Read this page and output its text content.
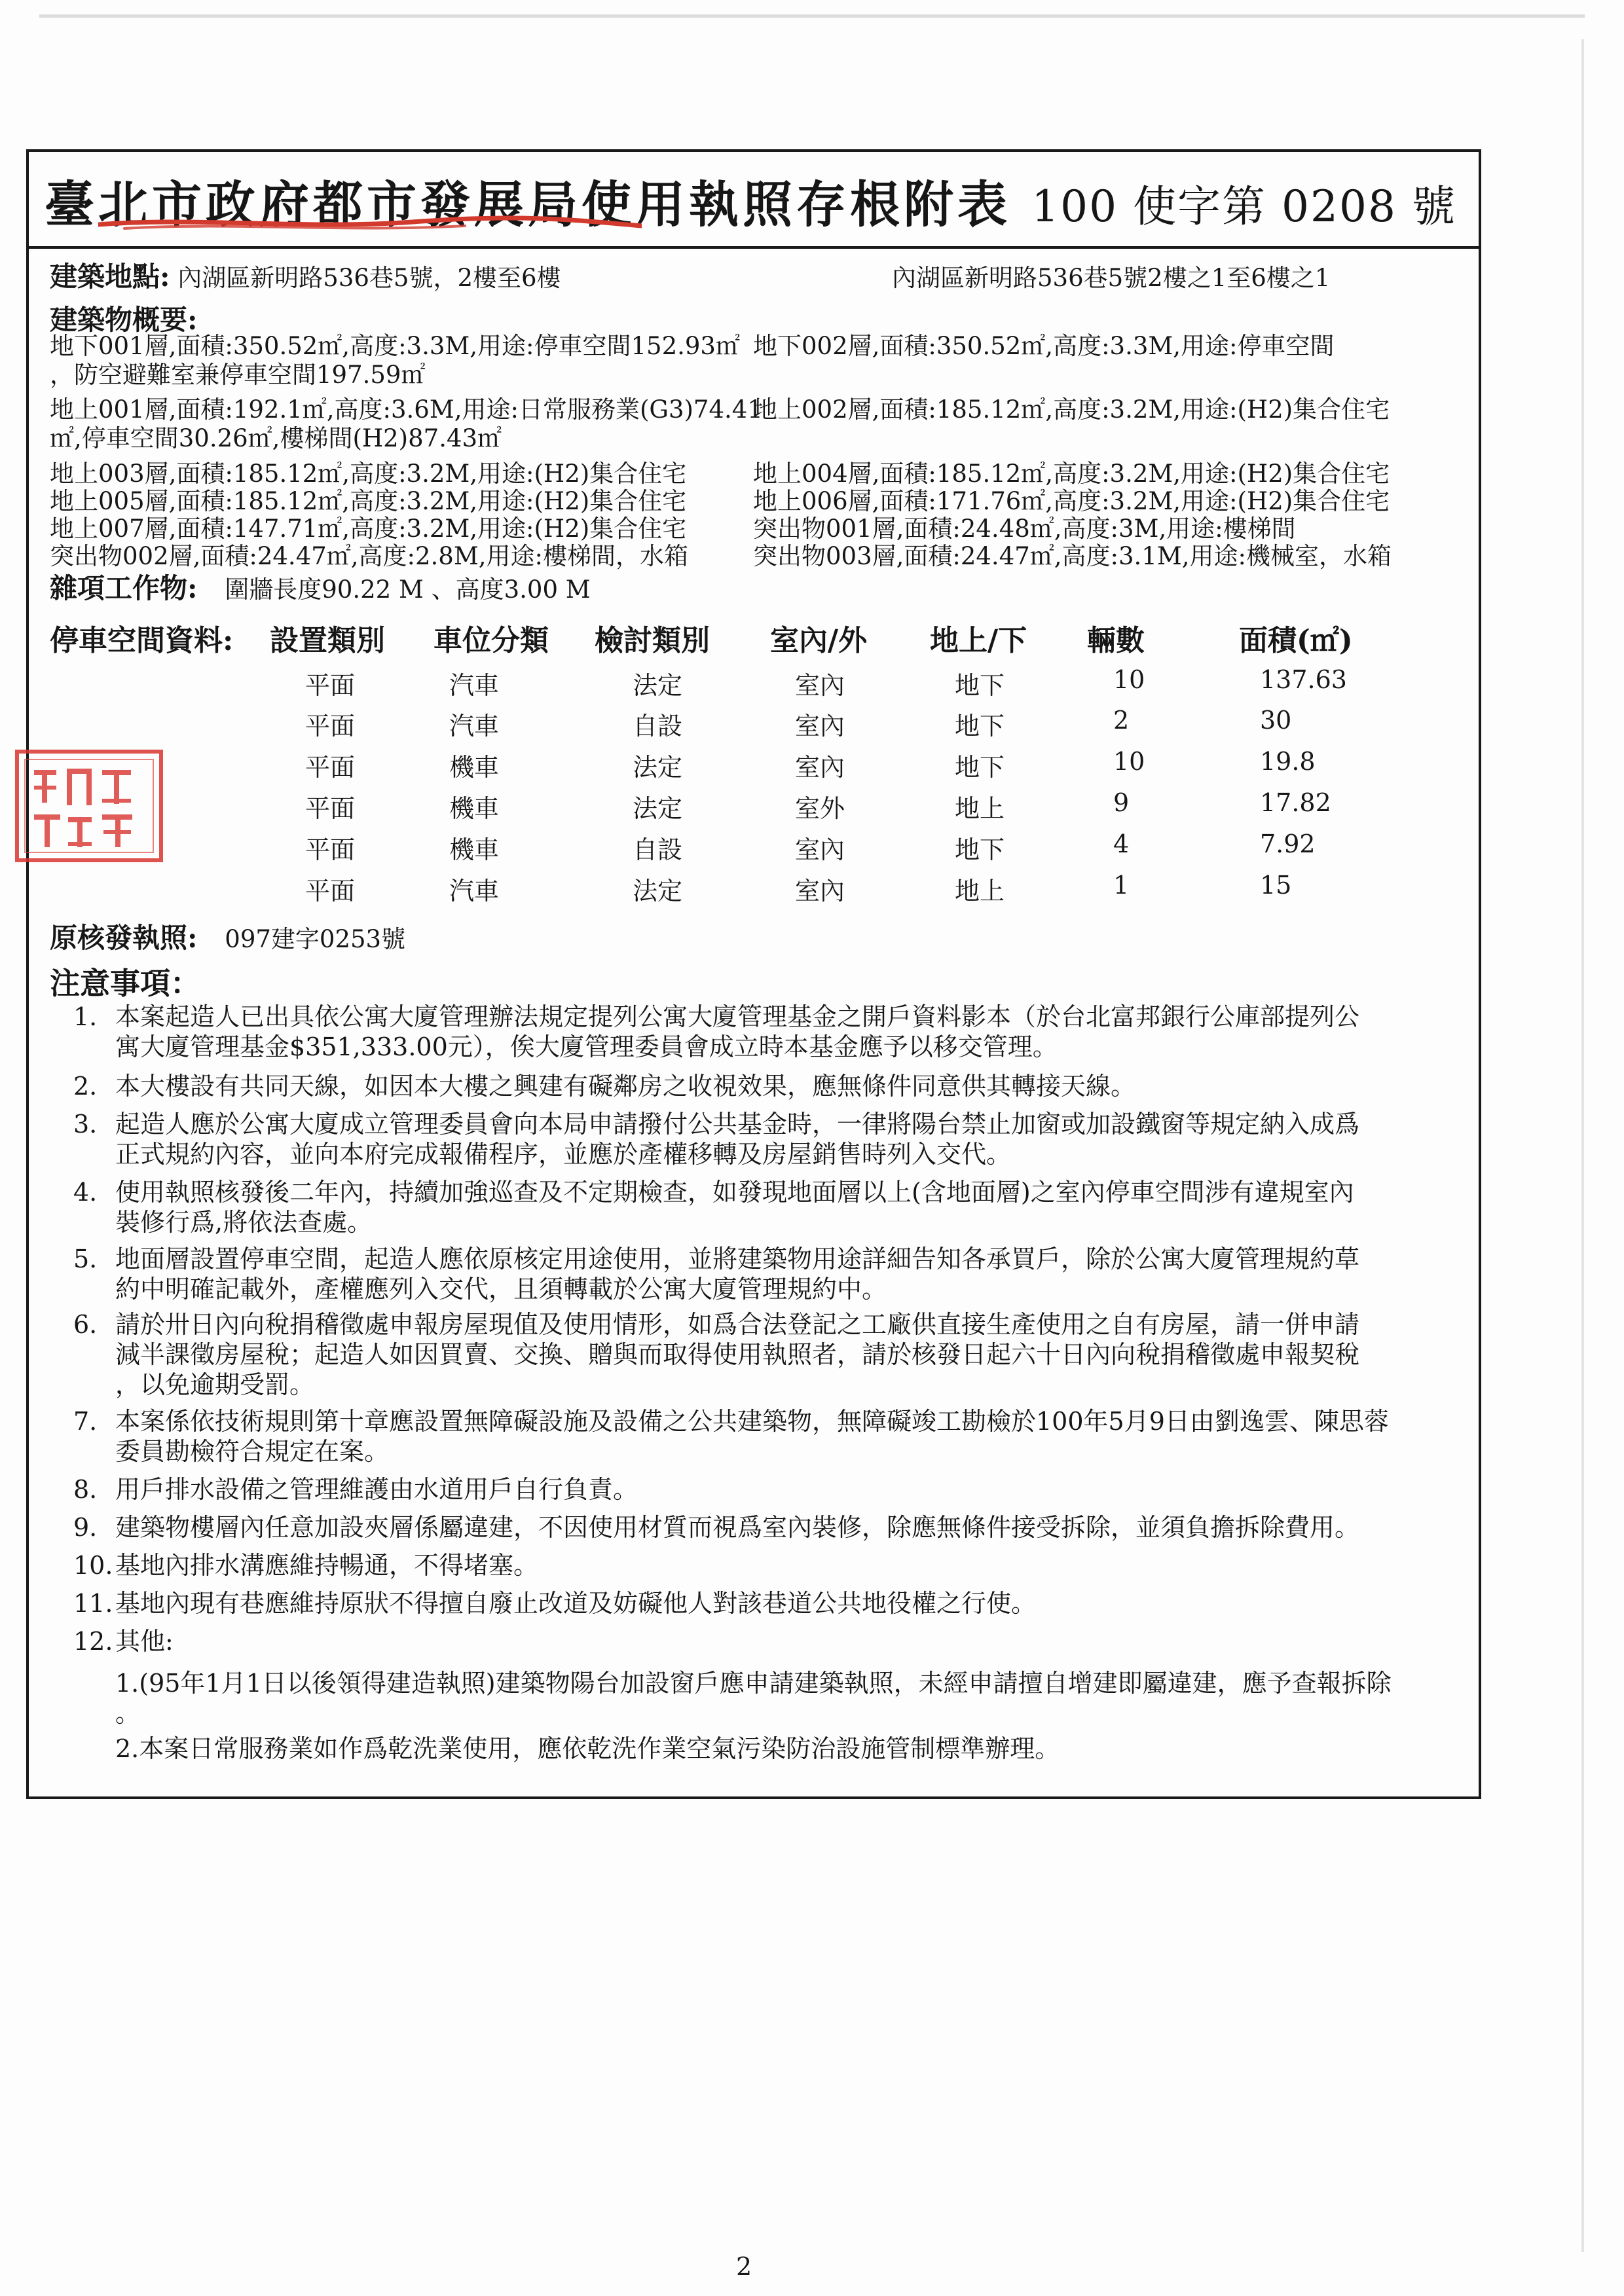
臺北市政府都市發展局使用執照存根附表 100 使字第 0208 號
建築地點: 內湖區新明路536巷5號，2樓至6樓	內湖區新明路536巷5號2樓之1至6樓之1
建築物概要:
地下001層,面積:350.52㎡,高度:3.3M,用途:停車空間152.93㎡ 地下002層,面積:350.52㎡,高度:3.3M,用途:停車空間
，防空避難室兼停車空間197.59㎡
地上001層,面積:192.1㎡,高度:3.6M,用途:日常服務業(G3)74.41
地上002層,面積:185.12㎡,高度:3.2M,用途:(H2)集合住宅
㎡,停車空間30.26㎡,樓梯間(H2)87.43㎡
地上003層,面積:185.12㎡,高度:3.2M,用途:(H2)集合住宅	地上004層,面積:185.12㎡,高度:3.2M,用途:(H2)集合住宅
地上005層,面積:185.12㎡,高度:3.2M,用途:(H2)集合住宅	地上006層,面積:171.76㎡,高度:3.2M,用途:(H2)集合住宅
地上007層,面積:147.71㎡,高度:3.2M,用途:(H2)集合住宅	突出物001層,面積:24.48㎡,高度:3M,用途:樓梯間
突出物002層,面積:24.47㎡,高度:2.8M,用途:樓梯間，水箱	突出物003層,面積:24.47㎡,高度:3.1M,用途:機械室，水箱
雜項工作物: 圍牆長度90.22 M 、高度3.00 M
停車空間資料: 設置類別 車位分類 檢討類別 室內/外 地上/下 輛數	面積(㎡)
平面	汽車	法定	室內	地下	10	137.63
平面	汽車	自設	室內	地下	2	30
平面	機車	法定	室內	地下	10	19.8
平面	機車	法定	室外	地上	9	17.82
平面	機車	自設	室內	地下	4	7.92
平面	汽車	法定	室內	地上	1	15
原核發執照: 097建字0253號
注意事項：
1. 本案起造人已出具依公寓大廈管理辦法規定提列公寓大廈管理基金之開戶資料影本（於台北富邦銀行公庫部提列公
寓大廈管理基金$351,333.00元），俟大廈管理委員會成立時本基金應予以移交管理。
2. 本大樓設有共同天線，如因本大樓之興建有礙鄰房之收視效果，應無條件同意供其轉接天線。
3. 起造人應於公寓大廈成立管理委員會向本局申請撥付公共基金時，一律將陽台禁止加窗或加設鐵窗等規定納入成爲
正式規約內容，並向本府完成報備程序，並應於產權移轉及房屋銷售時列入交代。
4. 使用執照核發後二年內，持續加強巡查及不定期檢查，如發現地面層以上(含地面層)之室內停車空間涉有違規室內
裝修行爲,將依法查處。
5. 地面層設置停車空間，起造人應依原核定用途使用，並將建築物用途詳細告知各承買戶，除於公寓大廈管理規約草
約中明確記載外，產權應列入交代，且須轉載於公寓大廈管理規約中。
6. 請於卅日內向稅捐稽徵處申報房屋現值及使用情形，如爲合法登記之工廠供直接生產使用之自有房屋，請一併申請
減半課徵房屋稅；起造人如因買賣、交換、贈與而取得使用執照者，請於核發日起六十日內向稅捐稽徵處申報契稅
，以免逾期受罰。
7. 本案係依技術規則第十章應設置無障礙設施及設備之公共建築物，無障礙竣工勘檢於100年5月9日由劉逸雲、陳思蓉
委員勘檢符合規定在案。
8. 用戶排水設備之管理維護由水道用戶自行負責。
9. 建築物樓層內任意加設夾層係屬違建，不因使用材質而視爲室內裝修，除應無條件接受拆除，並須負擔拆除費用。
10. 基地內排水溝應維持暢通，不得堵塞。
11. 基地內現有巷應維持原狀不得擅自廢止改道及妨礙他人對該巷道公共地役權之行使。
12. 其他:
1.(95年1月1日以後領得建造執照)建築物陽台加設窗戶應申請建築執照，未經申請擅自增建即屬違建，應予查報拆除
。
2.本案日常服務業如作爲乾洗業使用，應依乾洗作業空氣污染防治設施管制標準辦理。
2
